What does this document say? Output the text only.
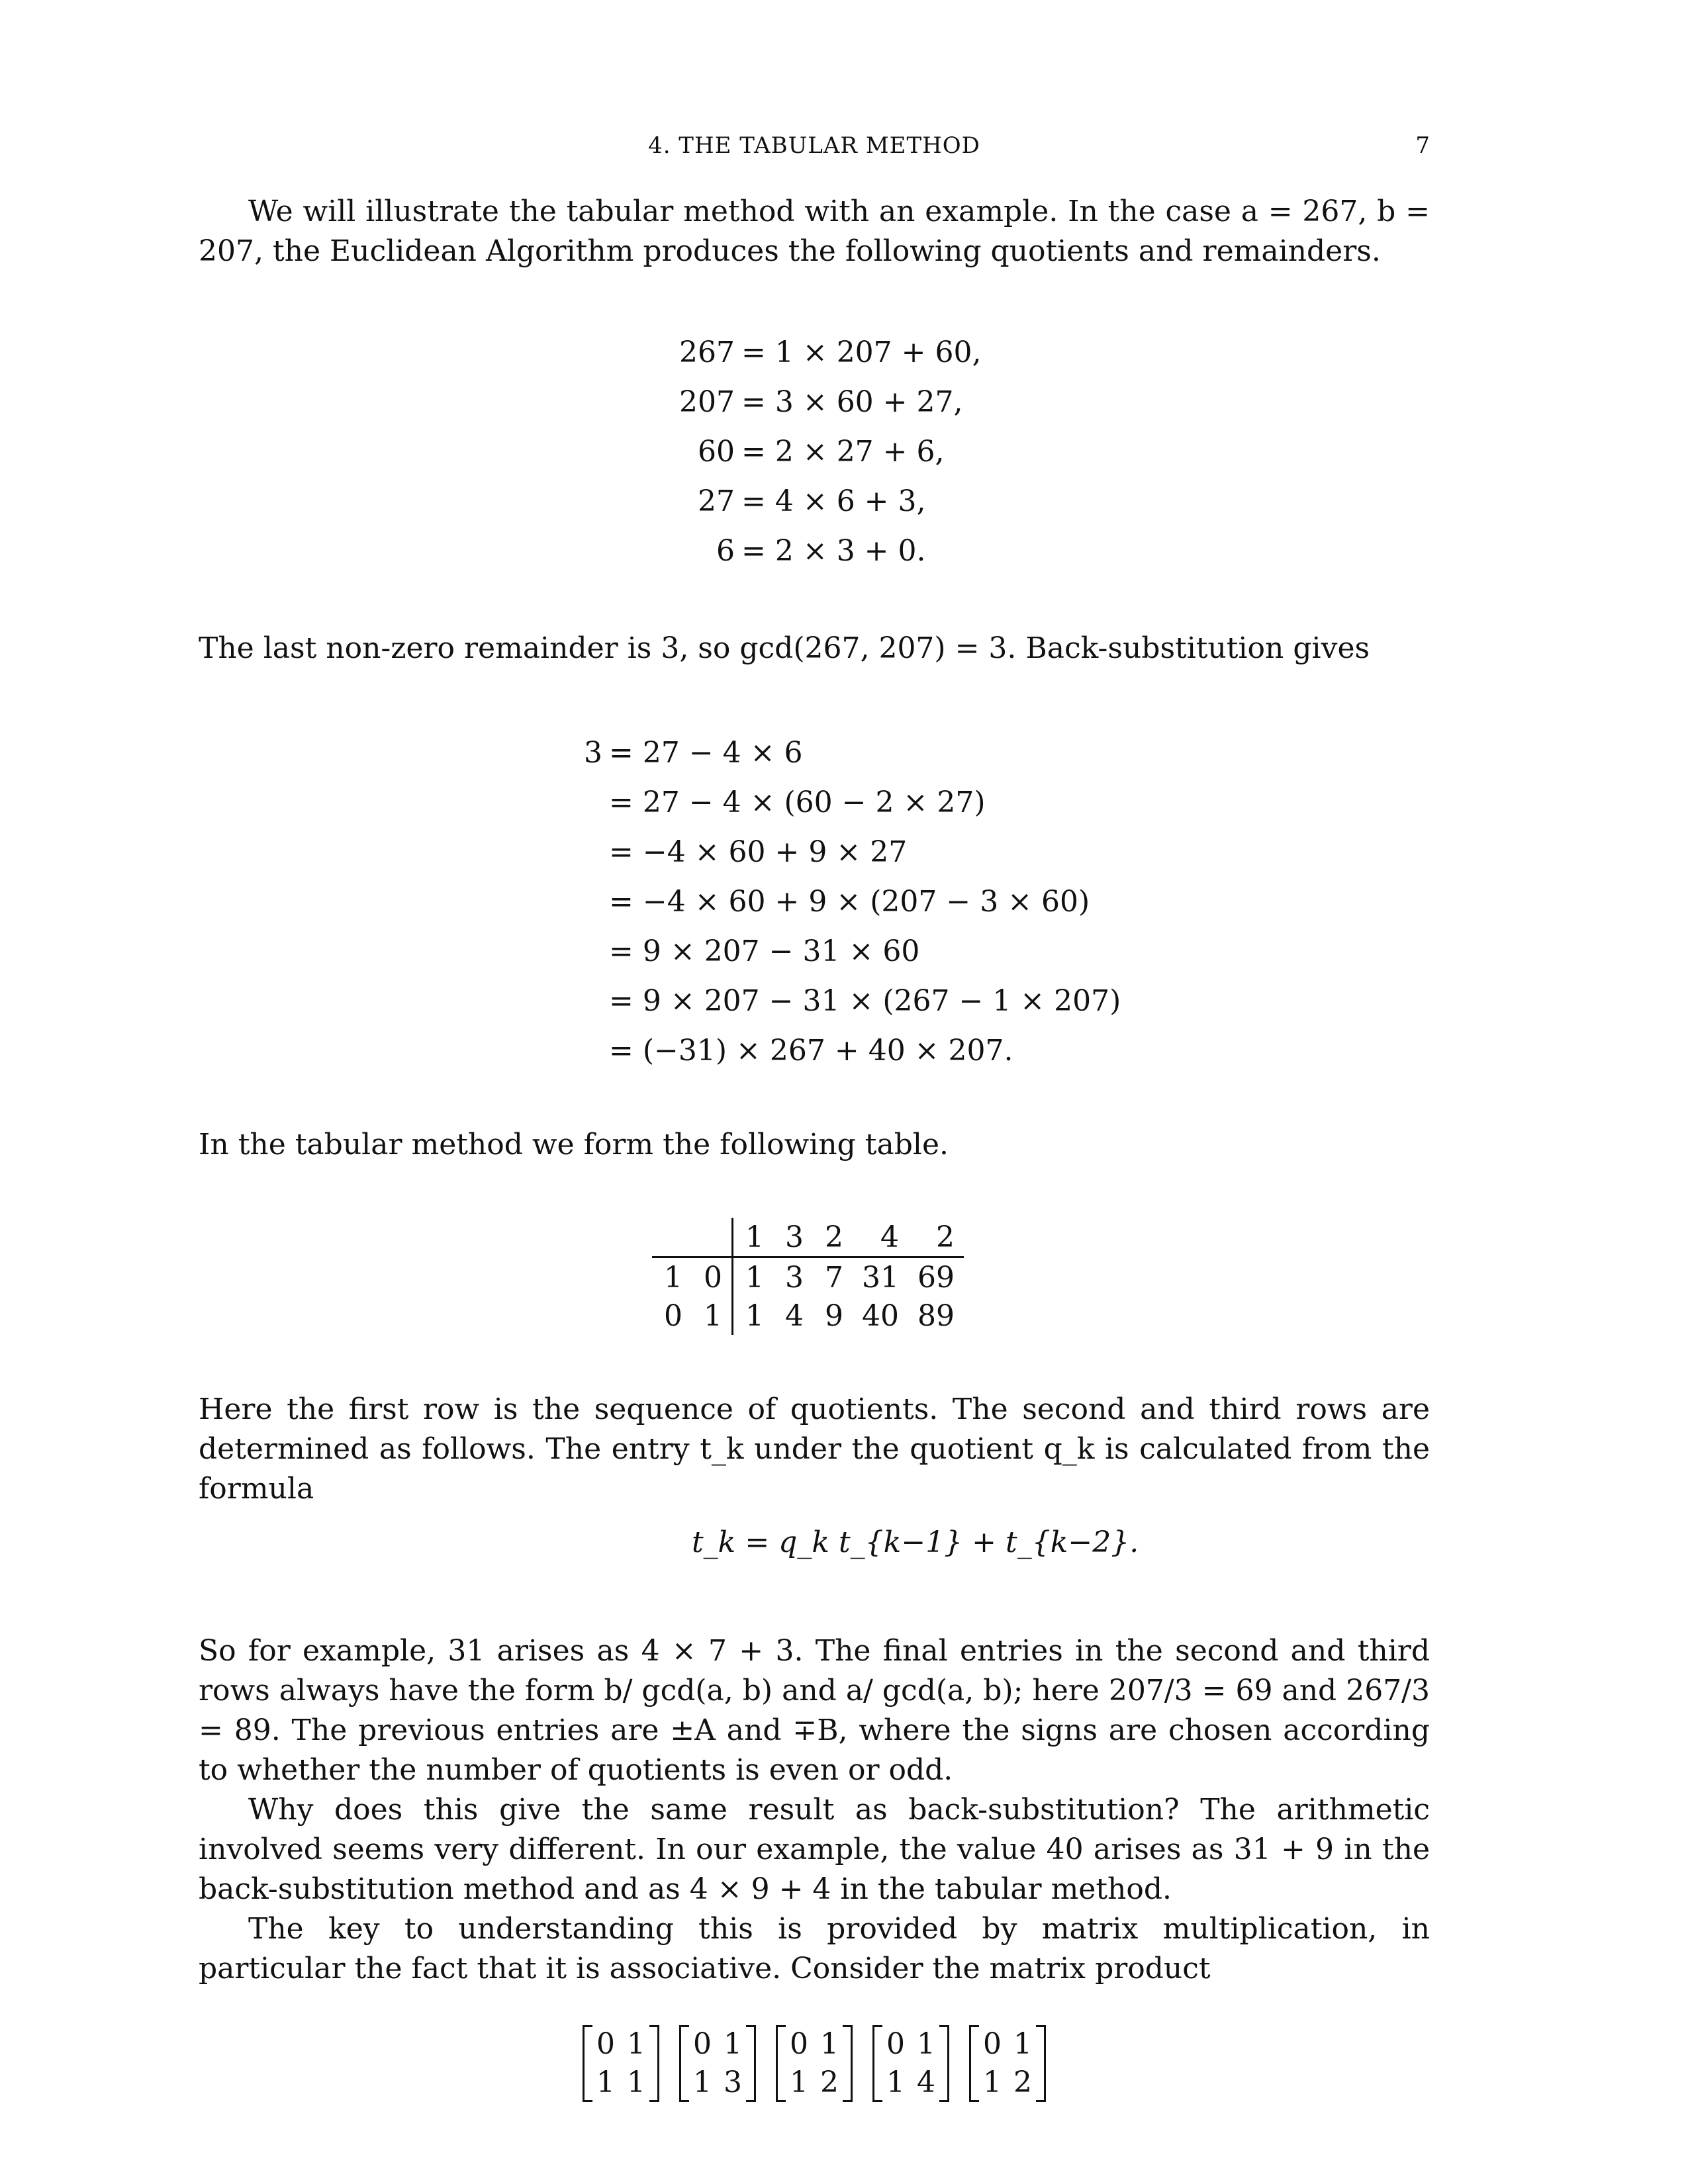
4. THE TABULAR METHOD	7

We will illustrate the tabular method with an example. In the case a = 267, b = 207, the Euclidean Algorithm produces the following quotients and remainders.

267 = 1 × 207 + 60,
207 = 3 × 60 + 27,
60 = 2 × 27 + 6,
27 = 4 × 6 + 3,
6 = 2 × 3 + 0.

The last non-zero remainder is 3, so gcd(267, 207) = 3. Back-substitution gives

3 = 27 − 4 × 6
= 27 − 4 × (60 − 2 × 27)
= −4 × 60 + 9 × 27
= −4 × 60 + 9 × (207 − 3 × 60)
= 9 × 207 − 31 × 60
= 9 × 207 − 31 × (267 − 1 × 207)
= (−31) × 267 + 40 × 207.

In the tabular method we form the following table.

		1	3	2	4	2
1	0	1	3	7	31	69
0	1	1	4	9	40	89

Here the first row is the sequence of quotients. The second and third rows are determined as follows. The entry t_k under the quotient q_k is calculated from the formula

t_k = q_k t_{k−1} + t_{k−2}.

So for example, 31 arises as 4 × 7 + 3. The final entries in the second and third rows always have the form b/ gcd(a, b) and a/ gcd(a, b); here 207/3 = 69 and 267/3 = 89. The previous entries are ±A and ∓B, where the signs are chosen according to whether the number of quotients is even or odd.

Why does this give the same result as back-substitution? The arithmetic involved seems very different. In our example, the value 40 arises as 31 + 9 in the back-substitution method and as 4 × 9 + 4 in the tabular method.

The key to understanding this is provided by matrix multiplication, in particular the fact that it is associative. Consider the matrix product

0 1
1 1
0 1
1 3
0 1
1 2
0 1
1 4
0 1
1 2
